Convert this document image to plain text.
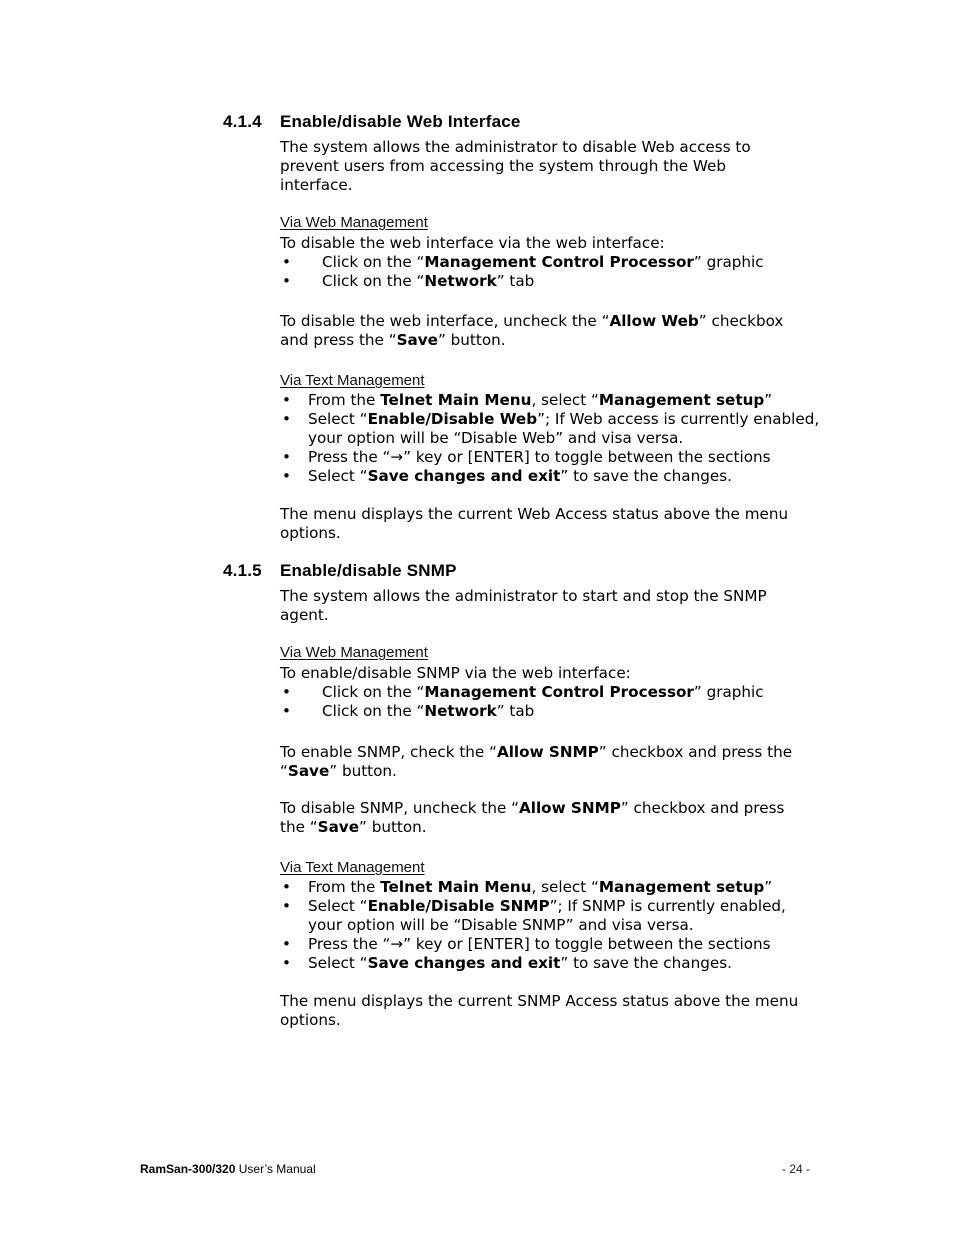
4.1.4 Enable/disable Web Interface
The system allows the administrator to disable Web access to prevent users from accessing the system through the Web interface.
Via Web Management
To disable the web interface via the web interface:
• Click on the “Management Control Processor” graphic
• Click on the “Network” tab
To disable the web interface, uncheck the “Allow Web” checkbox and press the “Save” button.
Via Text Management
• From the Telnet Main Menu, select “Management setup”
• Select “Enable/Disable Web”; If Web access is currently enabled, your option will be “Disable Web” and visa versa.
• Press the “→” key or [ENTER] to toggle between the sections
• Select “Save changes and exit” to save the changes.
The menu displays the current Web Access status above the menu options.
4.1.5 Enable/disable SNMP
The system allows the administrator to start and stop the SNMP agent.
Via Web Management
To enable/disable SNMP via the web interface:
• Click on the “Management Control Processor” graphic
• Click on the “Network” tab
To enable SNMP, check the “Allow SNMP” checkbox and press the “Save” button.
To disable SNMP, uncheck the “Allow SNMP” checkbox and press the “Save” button.
Via Text Management
• From the Telnet Main Menu, select “Management setup”
• Select “Enable/Disable SNMP”; If SNMP is currently enabled, your option will be “Disable SNMP” and visa versa.
• Press the “→” key or [ENTER] to toggle between the sections
• Select “Save changes and exit” to save the changes.
The menu displays the current SNMP Access status above the menu options.
RamSan-300/320 User’s Manual	- 24 -
